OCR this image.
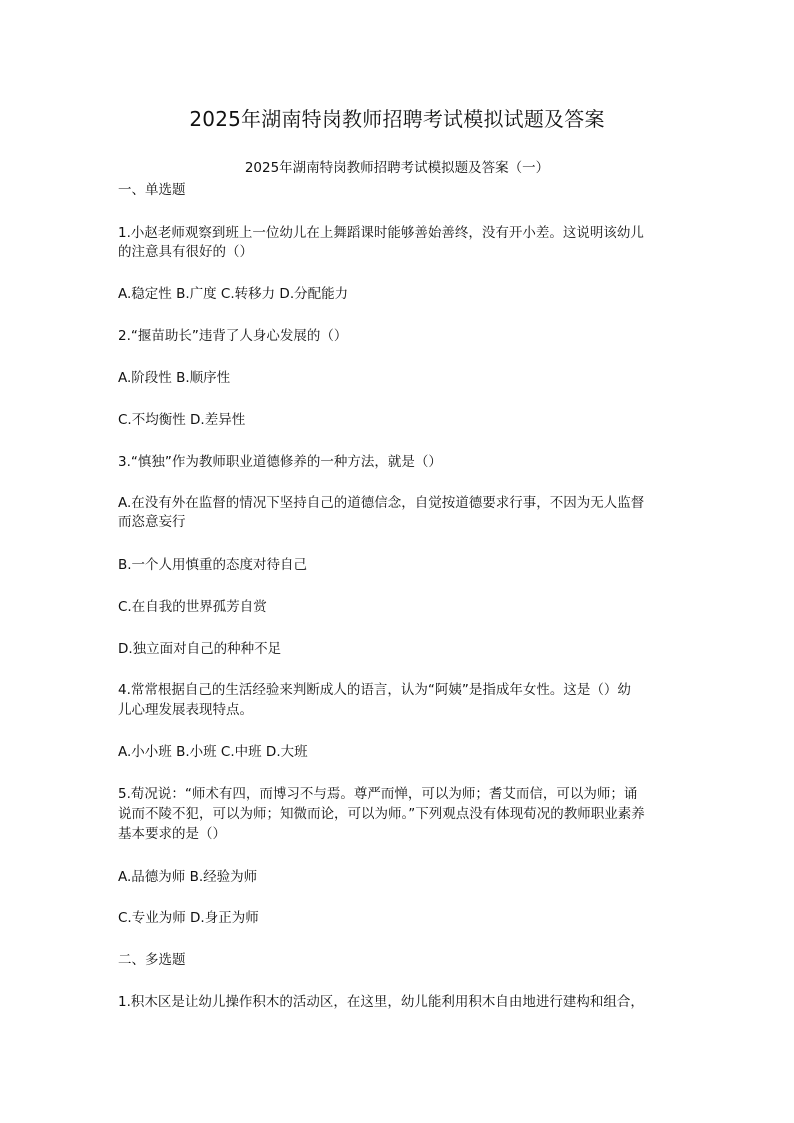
2025年湖南特岗教师招聘考试模拟试题及答案
2025年湖南特岗教师招聘考试模拟题及答案（一）
一、单选题
1.小赵老师观察到班上一位幼儿在上舞蹈课时能够善始善终，没有开小差。这说明该幼儿
的注意具有很好的（）
A.稳定性 B.广度 C.转移力 D.分配能力
2.“揠苗助长”违背了人身心发展的（）
A.阶段性 B.顺序性
C.不均衡性 D.差异性
3.“慎独”作为教师职业道德修养的一种方法，就是（）
A.在没有外在监督的情况下坚持自己的道德信念，自觉按道德要求行事，不因为无人监督
而恣意妄行
B.一个人用慎重的态度对待自己
C.在自我的世界孤芳自赏
D.独立面对自己的种种不足
4.常常根据自己的生活经验来判断成人的语言，认为“阿姨”是指成年女性。这是（）幼
儿心理发展表现特点。
A.小小班 B.小班 C.中班 D.大班
5.荀况说：“师术有四，而博习不与焉。尊严而惮，可以为师；耆艾而信，可以为师；诵
说而不陵不犯，可以为师；知微而论，可以为师。”下列观点没有体现荀况的教师职业素养
基本要求的是（）
A.品德为师 B.经验为师
C.专业为师 D.身正为师
二、多选题
1.积木区是让幼儿操作积木的活动区，在这里，幼儿能利用积木自由地进行建构和组合，
